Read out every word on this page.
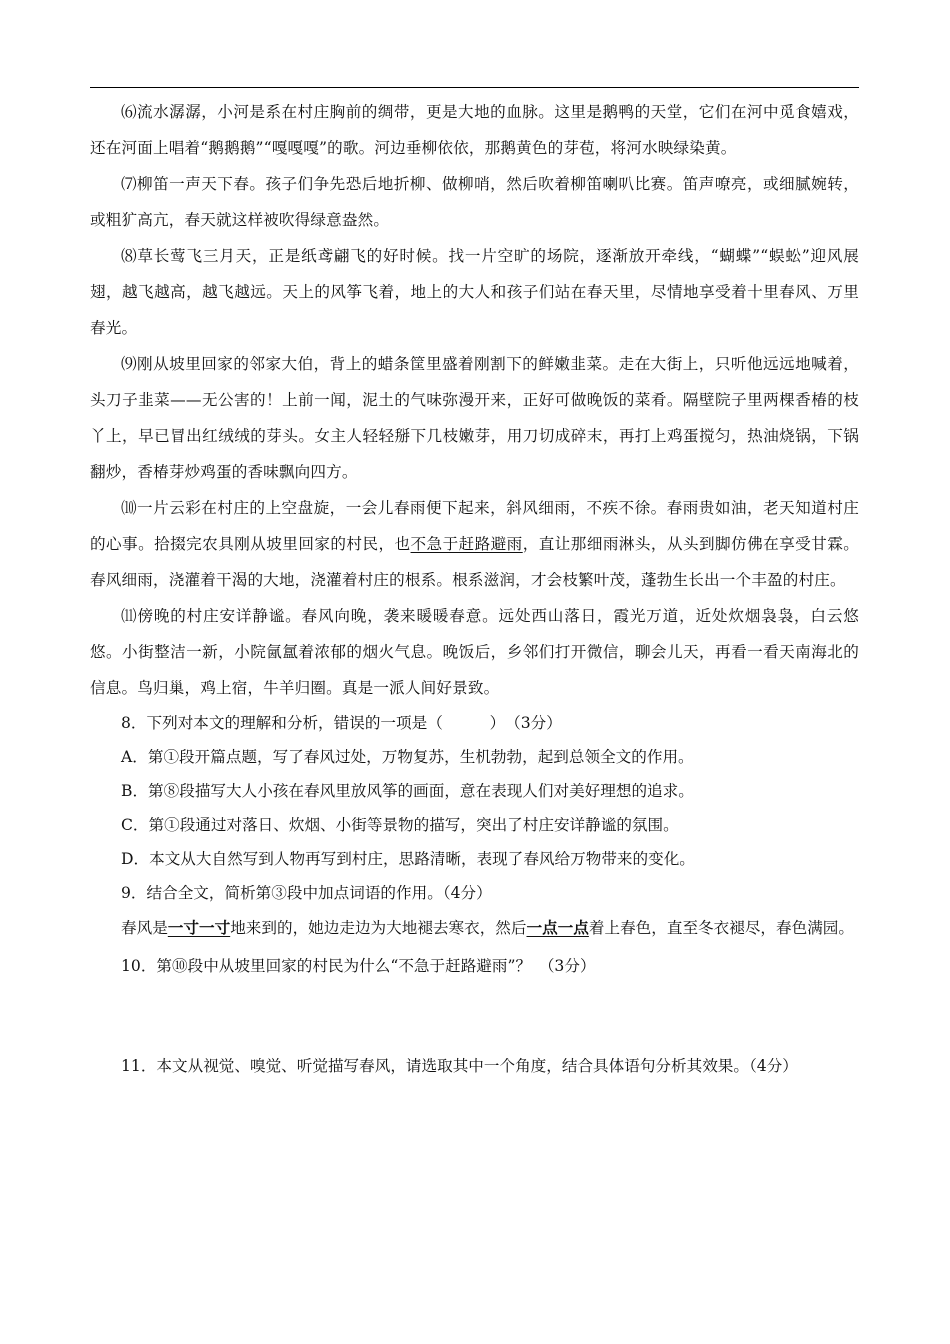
⑹流水潺潺，小河是系在村庄胸前的绸带，更是大地的血脉。这里是鹅鸭的天堂，它们在河中觅食嬉戏，还在河面上唱着“鹅鹅鹅”“嘎嘎嘎”的歌。河边垂柳依依，那鹅黄色的芽苞，将河水映绿染黄。

⑺柳笛一声天下春。孩子们争先恐后地折柳、做柳哨，然后吹着柳笛喇叭比赛。笛声嘹亮，或细腻婉转，或粗犷高亢，春天就这样被吹得绿意盎然。

⑻草长莺飞三月天，正是纸鸢翩飞的好时候。找一片空旷的场院，逐渐放开牵线，“蝴蝶”“蜈蚣”迎风展翅，越飞越高，越飞越远。天上的风筝飞着，地上的大人和孩子们站在春天里，尽情地享受着十里春风、万里春光。

⑼刚从坡里回家的邻家大伯，背上的蜡条筐里盛着刚割下的鲜嫩韭菜。走在大街上，只听他远远地喊着，头刀子韭菜——无公害的！上前一闻，泥土的气味弥漫开来，正好可做晚饭的菜肴。隔壁院子里两棵香椿的枝丫上，早已冒出红绒绒的芽头。女主人轻轻掰下几枝嫩芽，用刀切成碎末，再打上鸡蛋搅匀，热油烧锅，下锅翻炒，香椿芽炒鸡蛋的香味飘向四方。

⑽一片云彩在村庄的上空盘旋，一会儿春雨便下起来，斜风细雨，不疾不徐。春雨贵如油，老天知道村庄的心事。拾掇完农具刚从坡里回家的村民，也不急于赶路避雨，直让那细雨淋头，从头到脚仿佛在享受甘霖。春风细雨，浇灌着干渴的大地，浇灌着村庄的根系。根系滋润，才会枝繁叶茂，蓬勃生长出一个丰盈的村庄。

⑾傍晚的村庄安详静谧。春风向晚，袭来暖暖春意。远处西山落日，霞光万道，近处炊烟袅袅，白云悠悠。小街整洁一新，小院氤氲着浓郁的烟火气息。晚饭后，乡邻们打开微信，聊会儿天，再看一看天南海北的信息。鸟归巢，鸡上宿，牛羊归圈。真是一派人间好景致。

8．下列对本文的理解和分析，错误的一项是（　　　）　（3分）

A．第①段开篇点题，写了春风过处，万物复苏，生机勃勃，起到总领全文的作用。

B．第⑧段描写大人小孩在春风里放风筝的画面，意在表现人们对美好理想的追求。

C．第①段通过对落日、炊烟、小街等景物的描写，突出了村庄安详静谧的氛围。

D．本文从大自然写到人物再写到村庄，思路清晰，表现了春风给万物带来的变化。

9．结合全文，简析第③段中加点词语的作用。（4分）

春风是一寸一寸地来到的，她边走边为大地褪去寒衣，然后一点一点着上春色，直至冬衣褪尽，春色满园。

10．第⑩段中从坡里回家的村民为什么“不急于赶路避雨”？　（3分）

11．本文从视觉、嗅觉、听觉描写春风，请选取其中一个角度，结合具体语句分析其效果。（4分）
